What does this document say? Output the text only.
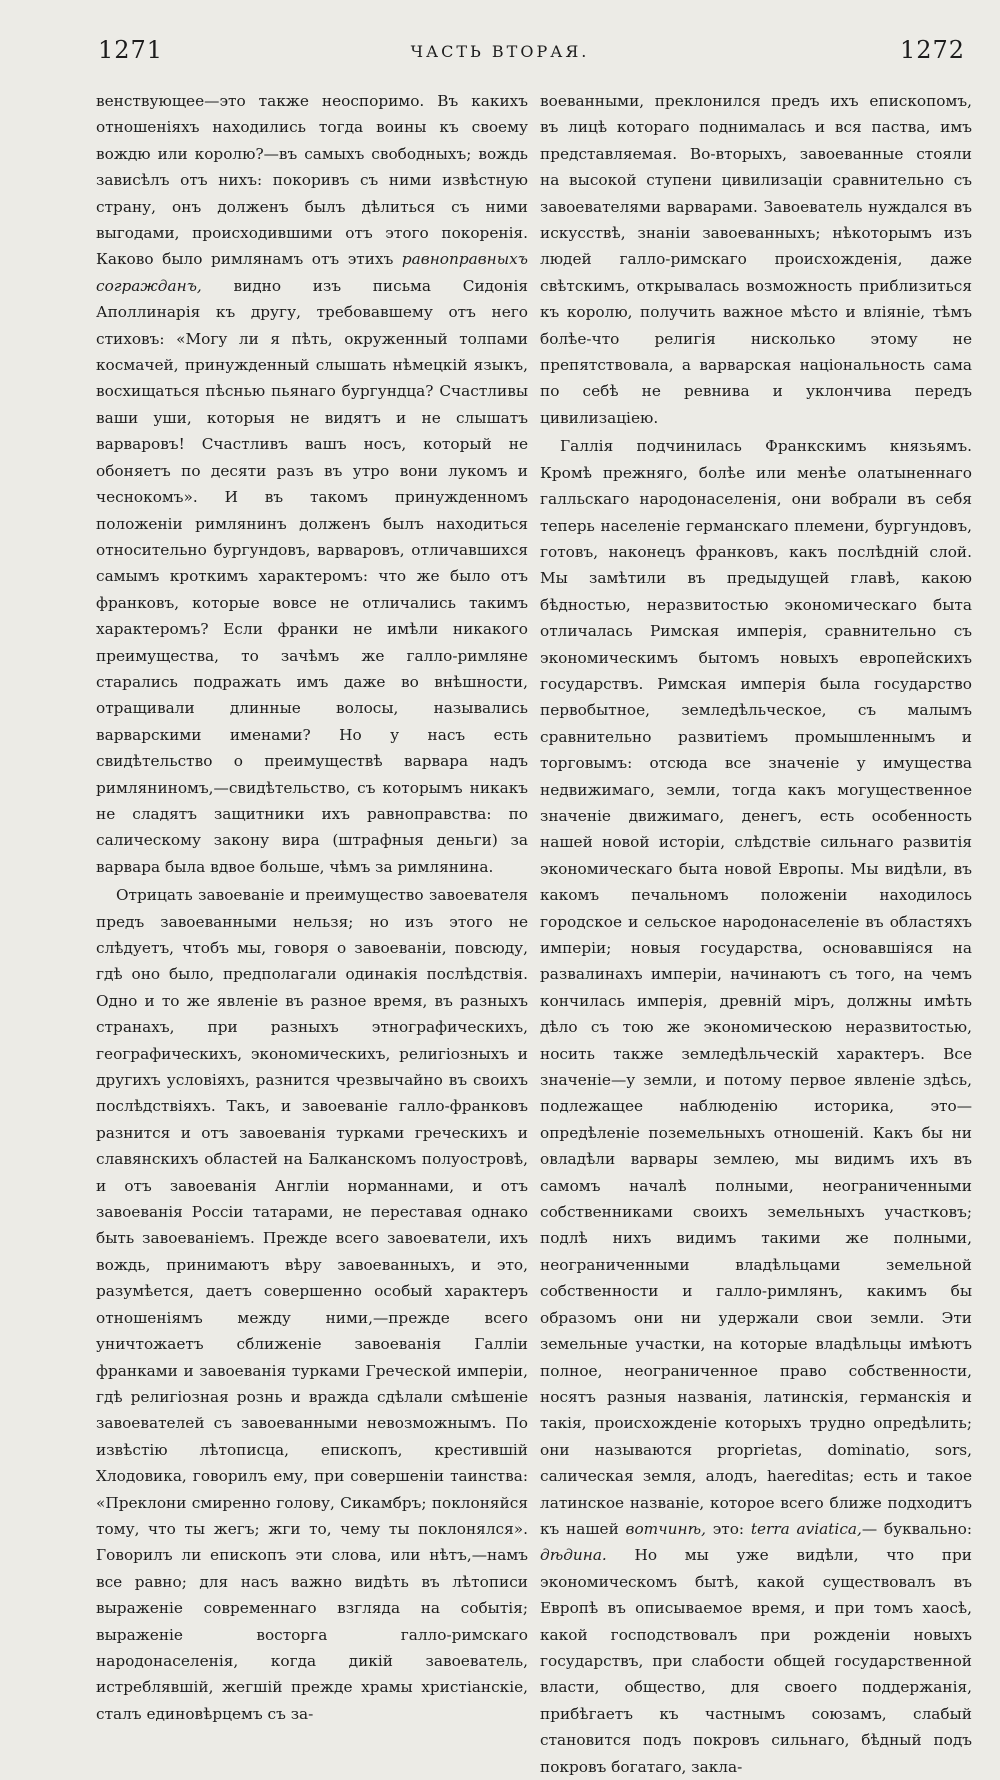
1271	ЧАСТЬ ВТОРАЯ.	1272

венствующее—это также неоспоримо. Въ какихъ отношеніяхъ находились тогда воины къ своему вождю или королю?—въ самыхъ свободныхъ; вождь зависѣлъ отъ нихъ: покоривъ съ ними извѣстную страну, онъ долженъ былъ дѣлиться съ ними выгодами, происходившими отъ этого покоренія. Каково было римлянамъ отъ этихъ равноправныхъ согражданъ, видно изъ письма Сидонія Аполлинарія къ другу, требовавшему отъ него стиховъ: «Могу ли я пѣть, окруженный толпами космачей, принужденный слышать нѣмецкій языкъ, восхищаться пѣснью пьянаго бургундца? Счастливы ваши уши, которыя не видятъ и не слышатъ варваровъ! Счастливъ вашъ носъ, который не обоняетъ по десяти разъ въ утро вони лукомъ и чеснокомъ». И въ такомъ принужденномъ положеніи римлянинъ долженъ былъ находиться относительно бургундовъ, варваровъ, отличавшихся самымъ кроткимъ характеромъ: что же было отъ франковъ, которые вовсе не отличались такимъ характеромъ? Если франки не имѣли никакого преимущества, то зачѣмъ же галло-римляне старались подражать имъ даже во внѣшности, отращивали длинные волосы, назывались варварскими именами? Но у насъ есть свидѣтельство о преимуществѣ варвара надъ римляниномъ,—свидѣтельство, съ которымъ никакъ не сладятъ защитники ихъ равноправства: по салическому закону вира (штрафныя деньги) за варвара была вдвое больше, чѣмъ за римлянина.

Отрицать завоеваніе и преимущество завоевателя предъ завоеванными нельзя; но изъ этого не слѣдуетъ, чтобъ мы, говоря о завоеваніи, повсюду, гдѣ оно было, предполагали одинакія послѣдствія. Одно и то же явленіе въ разное время, въ разныхъ странахъ, при разныхъ этнографическихъ, географическихъ, экономическихъ, религіозныхъ и другихъ условіяхъ, разнится чрезвычайно въ своихъ послѣдствіяхъ. Такъ, и завоеваніе галло-франковъ разнится и отъ завоеванія турками греческихъ и славянскихъ областей на Балканскомъ полуостровѣ, и отъ завоеванія Англіи норманнами, и отъ завоеванія Россіи татарами, не переставая однако быть завоеваніемъ. Прежде всего завоеватели, ихъ вождь, принимаютъ вѣру завоеванныхъ, и это, разумѣется, даетъ совершенно особый характеръ отношеніямъ между ними,—прежде всего уничтожаетъ сближеніе завоеванія Галліи франками и завоеванія турками Греческой имперіи, гдѣ религіозная рознь и вражда сдѣлали смѣшеніе завоевателей съ завоеванными невозможнымъ. По извѣстію лѣтописца, епископъ, крестившій Хлодовика, говорилъ ему, при совершеніи таинства: «Преклони смиренно голову, Сикамбръ; поклоняйся тому, что ты жегъ; жги то, чему ты поклонялся». Говорилъ ли епископъ эти слова, или нѣтъ,—намъ все равно; для насъ важно видѣть въ лѣтописи выраженіе современнаго взгляда на событія; выраженіе восторга галло-римскаго народонаселенія, когда дикій завоеватель, истреблявшій, жегшій прежде храмы христіанскіе, сталъ единовѣрцемъ съ за-

воеванными, преклонился предъ ихъ епископомъ, въ лицѣ котораго поднималась и вся паства, имъ представляемая. Во-вторыхъ, завоеванные стояли на высокой ступени цивилизаціи сравнительно съ завоевателями варварами. Завоеватель нуждался въ искусствѣ, знаніи завоеванныхъ; нѣкоторымъ изъ людей галло-римскаго происхожденія, даже свѣтскимъ, открывалась возможность приблизиться къ королю, получить важное мѣсто и вліяніе, тѣмъ болѣе-что религія нисколько этому не препятствовала, а варварская національность сама по себѣ не ревнива и уклончива передъ цивилизаціею.

Галлія подчинилась Франкскимъ князьямъ. Кромѣ прежняго, болѣе или менѣе олатыненнаго галльскаго народонаселенія, они вобрали въ себя теперь населеніе германскаго племени, бургундовъ, готовъ, наконецъ франковъ, какъ послѣдній слой. Мы замѣтили въ предыдущей главѣ, какою бѣдностью, неразвитостью экономическаго быта отличалась Римская имперія, сравнительно съ экономическимъ бытомъ новыхъ европейскихъ государствъ. Римская имперія была государство первобытное, земледѣльческое, съ малымъ сравнительно развитіемъ промышленнымъ и торговымъ: отсюда все значеніе у имущества недвижимаго, земли, тогда какъ могущественное значеніе движимаго, денегъ, есть особенность нашей новой исторіи, слѣдствіе сильнаго развитія экономическаго быта новой Европы. Мы видѣли, въ какомъ печальномъ положеніи находилось городское и сельское народонаселеніе въ областяхъ имперіи; новыя государства, основавшіяся на развалинахъ имперіи, начинаютъ съ того, на чемъ кончилась имперія, древній міръ, должны имѣть дѣло съ тою же экономическою неразвитостью, носить также земледѣльческій характеръ. Все значеніе—у земли, и потому первое явленіе здѣсь, подлежащее наблюденію историка, это—опредѣленіе поземельныхъ отношеній. Какъ бы ни овладѣли варвары землею, мы видимъ ихъ въ самомъ началѣ полными, неограниченными собственниками своихъ земельныхъ участковъ; подлѣ нихъ видимъ такими же полными, неограниченными владѣльцами земельной собственности и галло-римлянъ, какимъ бы образомъ они ни удержали свои земли. Эти земельные участки, на которые владѣльцы имѣютъ полное, неограниченное право собственности, носятъ разныя названія, латинскія, германскія и такія, происхожденіе которыхъ трудно опредѣлить; они называются proprietas, dominatio, sors, салическая земля, алодъ, haereditas; есть и такое латинское названіе, которое всего ближе подходитъ къ нашей вотчинѣ, это: terra aviatica,— буквально: дѣдина. Но мы уже видѣли, что при экономическомъ бытѣ, какой существовалъ въ Европѣ въ описываемое время, и при томъ хаосѣ, какой господствовалъ при рожденіи новыхъ государствъ, при слабости общей государственной власти, общество, для своего поддержанія, прибѣгаетъ къ частнымъ союзамъ, слабый становится подъ покровъ сильнаго, бѣдный подъ покровъ богатаго, закла-
